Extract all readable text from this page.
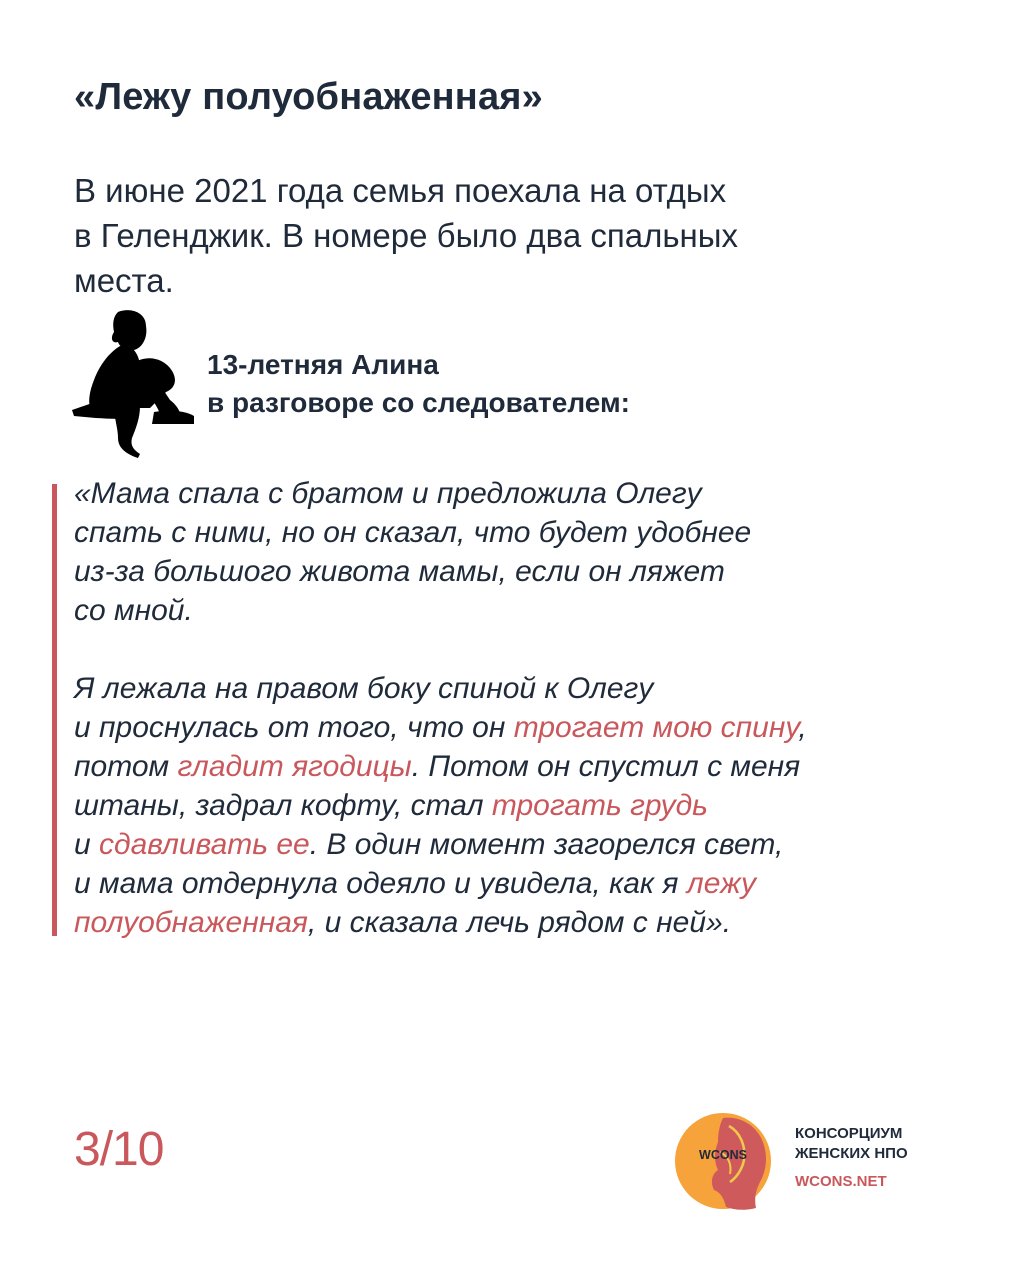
«Лежу полуобнаженная»
В июне 2021 года семья поехала на отдых
в Геленджик. В номере было два спальных
места.
13-летняя Алина
в разговоре со следователем:

«Мама спала с братом и предложила Олегу
спать с ними, но он сказал, что будет удобнее
из-за большого живота мамы, если он ляжет
со мной.

Я лежала на правом боку спиной к Олегу
и проснулась от того, что он трогает мою спину,
потом гладит ягодицы. Потом он спустил с меня
штаны, задрал кофту, стал трогать грудь
и сдавливать ее. В один момент загорелся свет,
и мама отдернула одеяло и увидела, как я лежу
полуобнаженная, и сказала лечь рядом с ней».

3/10	WCONS
КОНСОРЦИУМ
ЖЕНСКИХ НПО
WCONS.NET
